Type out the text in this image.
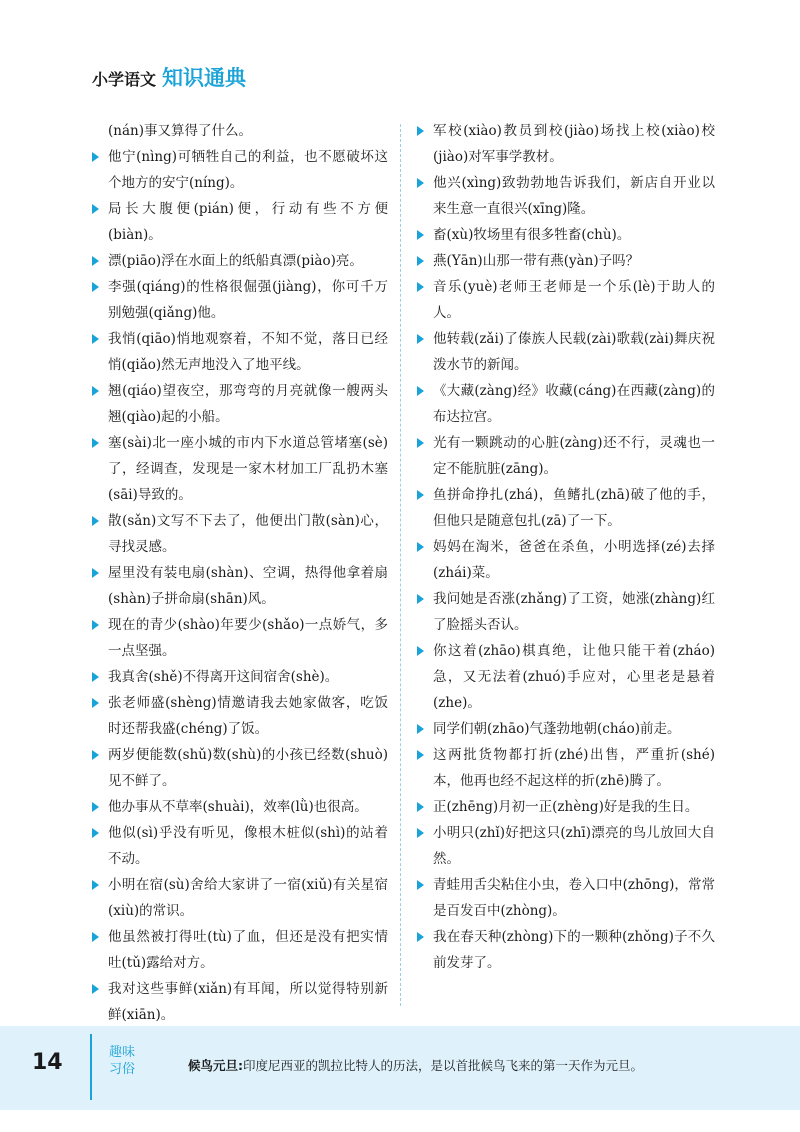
小学语文 知识通典
(nán)事又算得了什么。
他宁(nìng)可牺牲自己的利益，也不愿破坏这个地方的安宁(níng)。
局长大腹便(pián)便，行动有些不方便(biàn)。
漂(piāo)浮在水面上的纸船真漂(piào)亮。
李强(qiáng)的性格很倔强(jiàng)，你可千万别勉强(qiǎng)他。
我悄(qiāo)悄地观察着，不知不觉，落日已经悄(qiǎo)然无声地没入了地平线。
翘(qiáo)望夜空，那弯弯的月亮就像一艘两头翘(qiào)起的小船。
塞(sài)北一座小城的市内下水道总管堵塞(sè)了，经调查，发现是一家木材加工厂乱扔木塞(sāi)导致的。
散(sǎn)文写不下去了，他便出门散(sàn)心，寻找灵感。
屋里没有装电扇(shàn)、空调，热得他拿着扇(shàn)子拼命扇(shān)风。
现在的青少(shào)年要少(shǎo)一点娇气，多一点坚强。
我真舍(shě)不得离开这间宿舍(shè)。
张老师盛(shèng)情邀请我去她家做客，吃饭时还帮我盛(chéng)了饭。
两岁便能数(shǔ)数(shù)的小孩已经数(shuò)见不鲜了。
他办事从不草率(shuài)，效率(lǜ)也很高。
他似(sì)乎没有听见，像根木桩似(shì)的站着不动。
小明在宿(sù)舍给大家讲了一宿(xiǔ)有关星宿(xiù)的常识。
他虽然被打得吐(tù)了血，但还是没有把实情吐(tǔ)露给对方。
我对这些事鲜(xiǎn)有耳闻，所以觉得特别新鲜(xiān)。
军校(xiào)教员到校(jiào)场找上校(xiào)校(jiào)对军事学教材。
他兴(xìng)致勃勃地告诉我们，新店自开业以来生意一直很兴(xīng)隆。
畜(xù)牧场里有很多牲畜(chù)。
燕(Yān)山那一带有燕(yàn)子吗？
音乐(yuè)老师王老师是一个乐(lè)于助人的人。
他转载(zǎi)了傣族人民载(zài)歌载(zài)舞庆祝泼水节的新闻。
《大藏(zàng)经》收藏(cáng)在西藏(zàng)的布达拉宫。
光有一颗跳动的心脏(zàng)还不行，灵魂也一定不能肮脏(zāng)。
鱼拼命挣扎(zhá)，鱼鳍扎(zhā)破了他的手，但他只是随意包扎(zā)了一下。
妈妈在淘米，爸爸在杀鱼，小明选择(zé)去择(zhái)菜。
我问她是否涨(zhǎng)了工资，她涨(zhàng)红了脸摇头否认。
你这着(zhāo)棋真绝，让他只能干着(zháo)急，又无法着(zhuó)手应对，心里老是悬着(zhe)。
同学们朝(zhāo)气蓬勃地朝(cháo)前走。
这两批货物都打折(zhé)出售，严重折(shé)本，他再也经不起这样的折(zhē)腾了。
正(zhēng)月初一正(zhèng)好是我的生日。
小明只(zhǐ)好把这只(zhī)漂亮的鸟儿放回大自然。
青蛙用舌尖粘住小虫，卷入口中(zhōng)，常常是百发百中(zhòng)。
我在春天种(zhòng)下的一颗种(zhǒng)子不久前发芽了。
14	趣味
习俗	候鸟元旦:印度尼西亚的凯拉比特人的历法，是以首批候鸟飞来的第一天作为元旦。
